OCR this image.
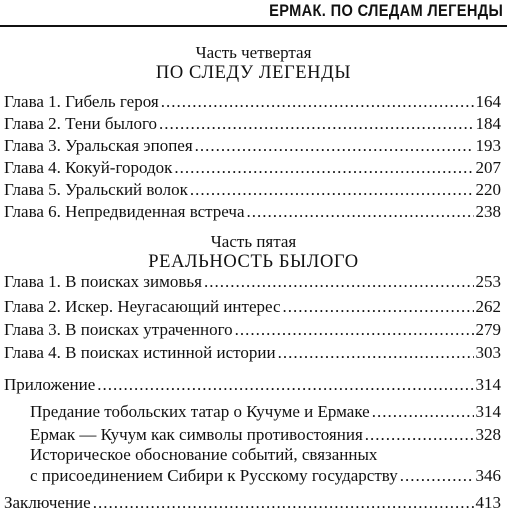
ЕРМАК. ПО СЛЕДАМ ЛЕГЕНДЫ
Часть четвертая
ПО СЛЕДУ ЛЕГЕНДЫ
Глава 1. Гибель героя .....	164
Глава 2. Тени былого .....	184
Глава 3. Уральская эпопея .....	193
Глава 4. Кокуй-городок .....	207
Глава 5. Уральский волок .....	220
Глава 6. Непредвиденная встреча .....	238
Часть пятая
РЕАЛЬНОСТЬ БЫЛОГО
Глава 1. В поисках зимовья .....	253
Глава 2. Искер. Неугасающий интерес .....	262
Глава 3. В поисках утраченного .....	279
Глава 4. В поисках истинной истории .....	303
Приложение .....	314
Предание тобольских татар о Кучуме и Ермаке .....	314
Ермак — Кучум как символы противостояния .....	328
Историческое обоснование событий, связанных
с присоединением Сибири к Русскому государству .....	346
Заключение .....	413
